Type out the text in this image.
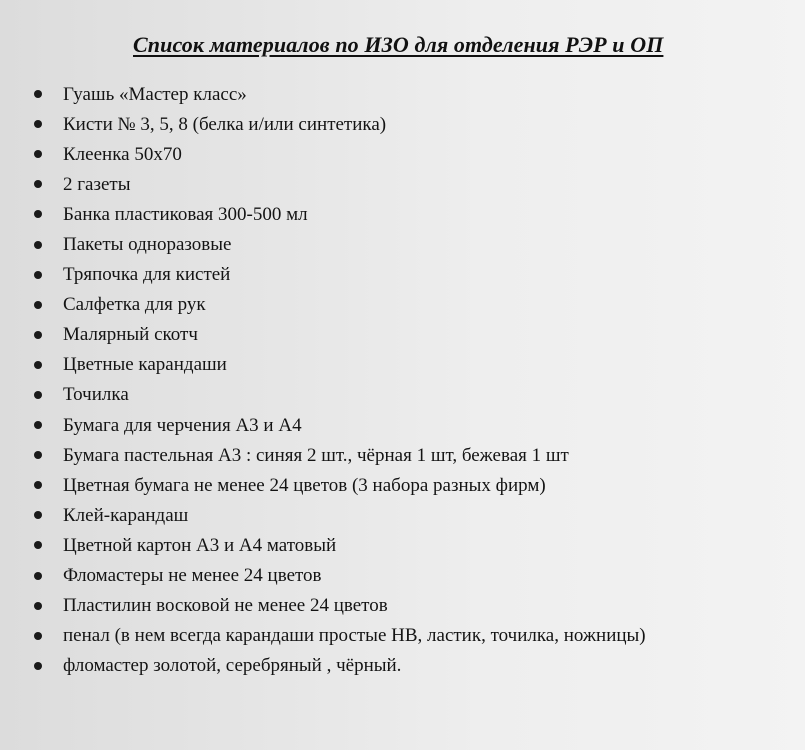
Список материалов по ИЗО для отделения РЭР и ОП
Гуашь «Мастер класс»
Кисти № 3, 5, 8 (белка и/или синтетика)
Клеенка 50х70
2 газеты
Банка пластиковая 300-500 мл
Пакеты одноразовые
Тряпочка для кистей
Салфетка для рук
Малярный скотч
Цветные карандаши
Точилка
Бумага для черчения А3 и А4
Бумага пастельная А3 : синяя 2 шт., чёрная 1 шт, бежевая 1 шт
Цветная бумага не менее 24 цветов (3 набора разных фирм)
Клей-карандаш
Цветной картон А3 и А4 матовый
Фломастеры не менее 24 цветов
Пластилин восковой не менее 24 цветов
пенал (в нем всегда карандаши простые НВ, ластик, точилка, ножницы)
фломастер золотой, серебряный , чёрный.
